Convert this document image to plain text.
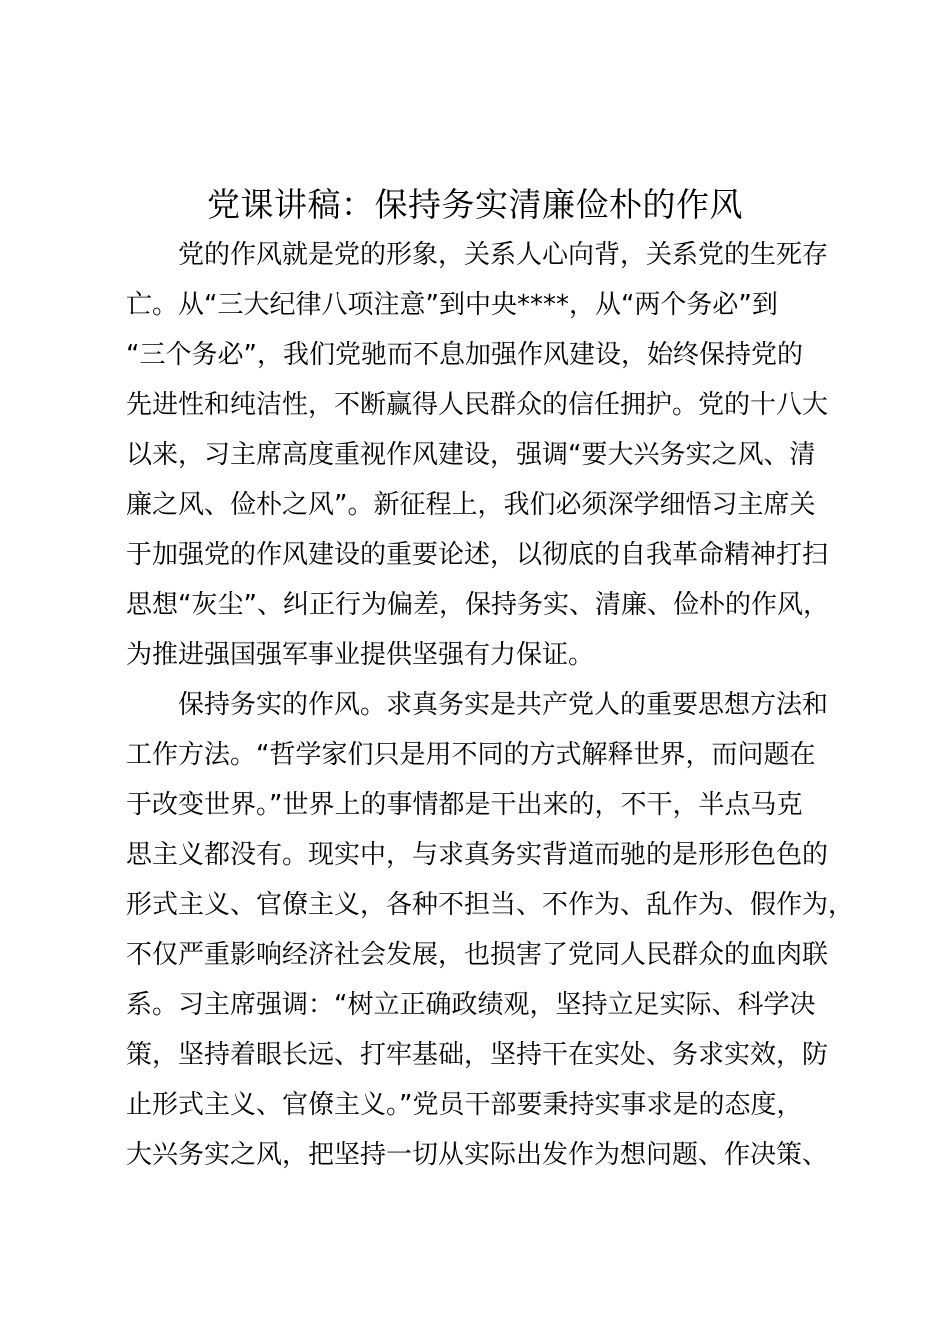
党课讲稿：保持务实清廉俭朴的作风
党的作风就是党的形象，关系人心向背，关系党的生死存
亡。从“三大纪律八项注意”到中央****，从“两个务必”到
“三个务必”，我们党驰而不息加强作风建设，始终保持党的
先进性和纯洁性，不断赢得人民群众的信任拥护。党的十八大
以来，习主席高度重视作风建设，强调“要大兴务实之风、清
廉之风、俭朴之风”。新征程上，我们必须深学细悟习主席关
于加强党的作风建设的重要论述，以彻底的自我革命精神打扫
思想“灰尘”、纠正行为偏差，保持务实、清廉、俭朴的作风，
为推进强国强军事业提供坚强有力保证。
保持务实的作风。求真务实是共产党人的重要思想方法和
工作方法。“哲学家们只是用不同的方式解释世界，而问题在
于改变世界。”世界上的事情都是干出来的，不干，半点马克
思主义都没有。现实中，与求真务实背道而驰的是形形色色的
形式主义、官僚主义，各种不担当、不作为、乱作为、假作为，
不仅严重影响经济社会发展，也损害了党同人民群众的血肉联
系。习主席强调：“树立正确政绩观，坚持立足实际、科学决
策，坚持着眼长远、打牢基础，坚持干在实处、务求实效，防
止形式主义、官僚主义。”党员干部要秉持实事求是的态度，
大兴务实之风，把坚持一切从实际出发作为想问题、作决策、
